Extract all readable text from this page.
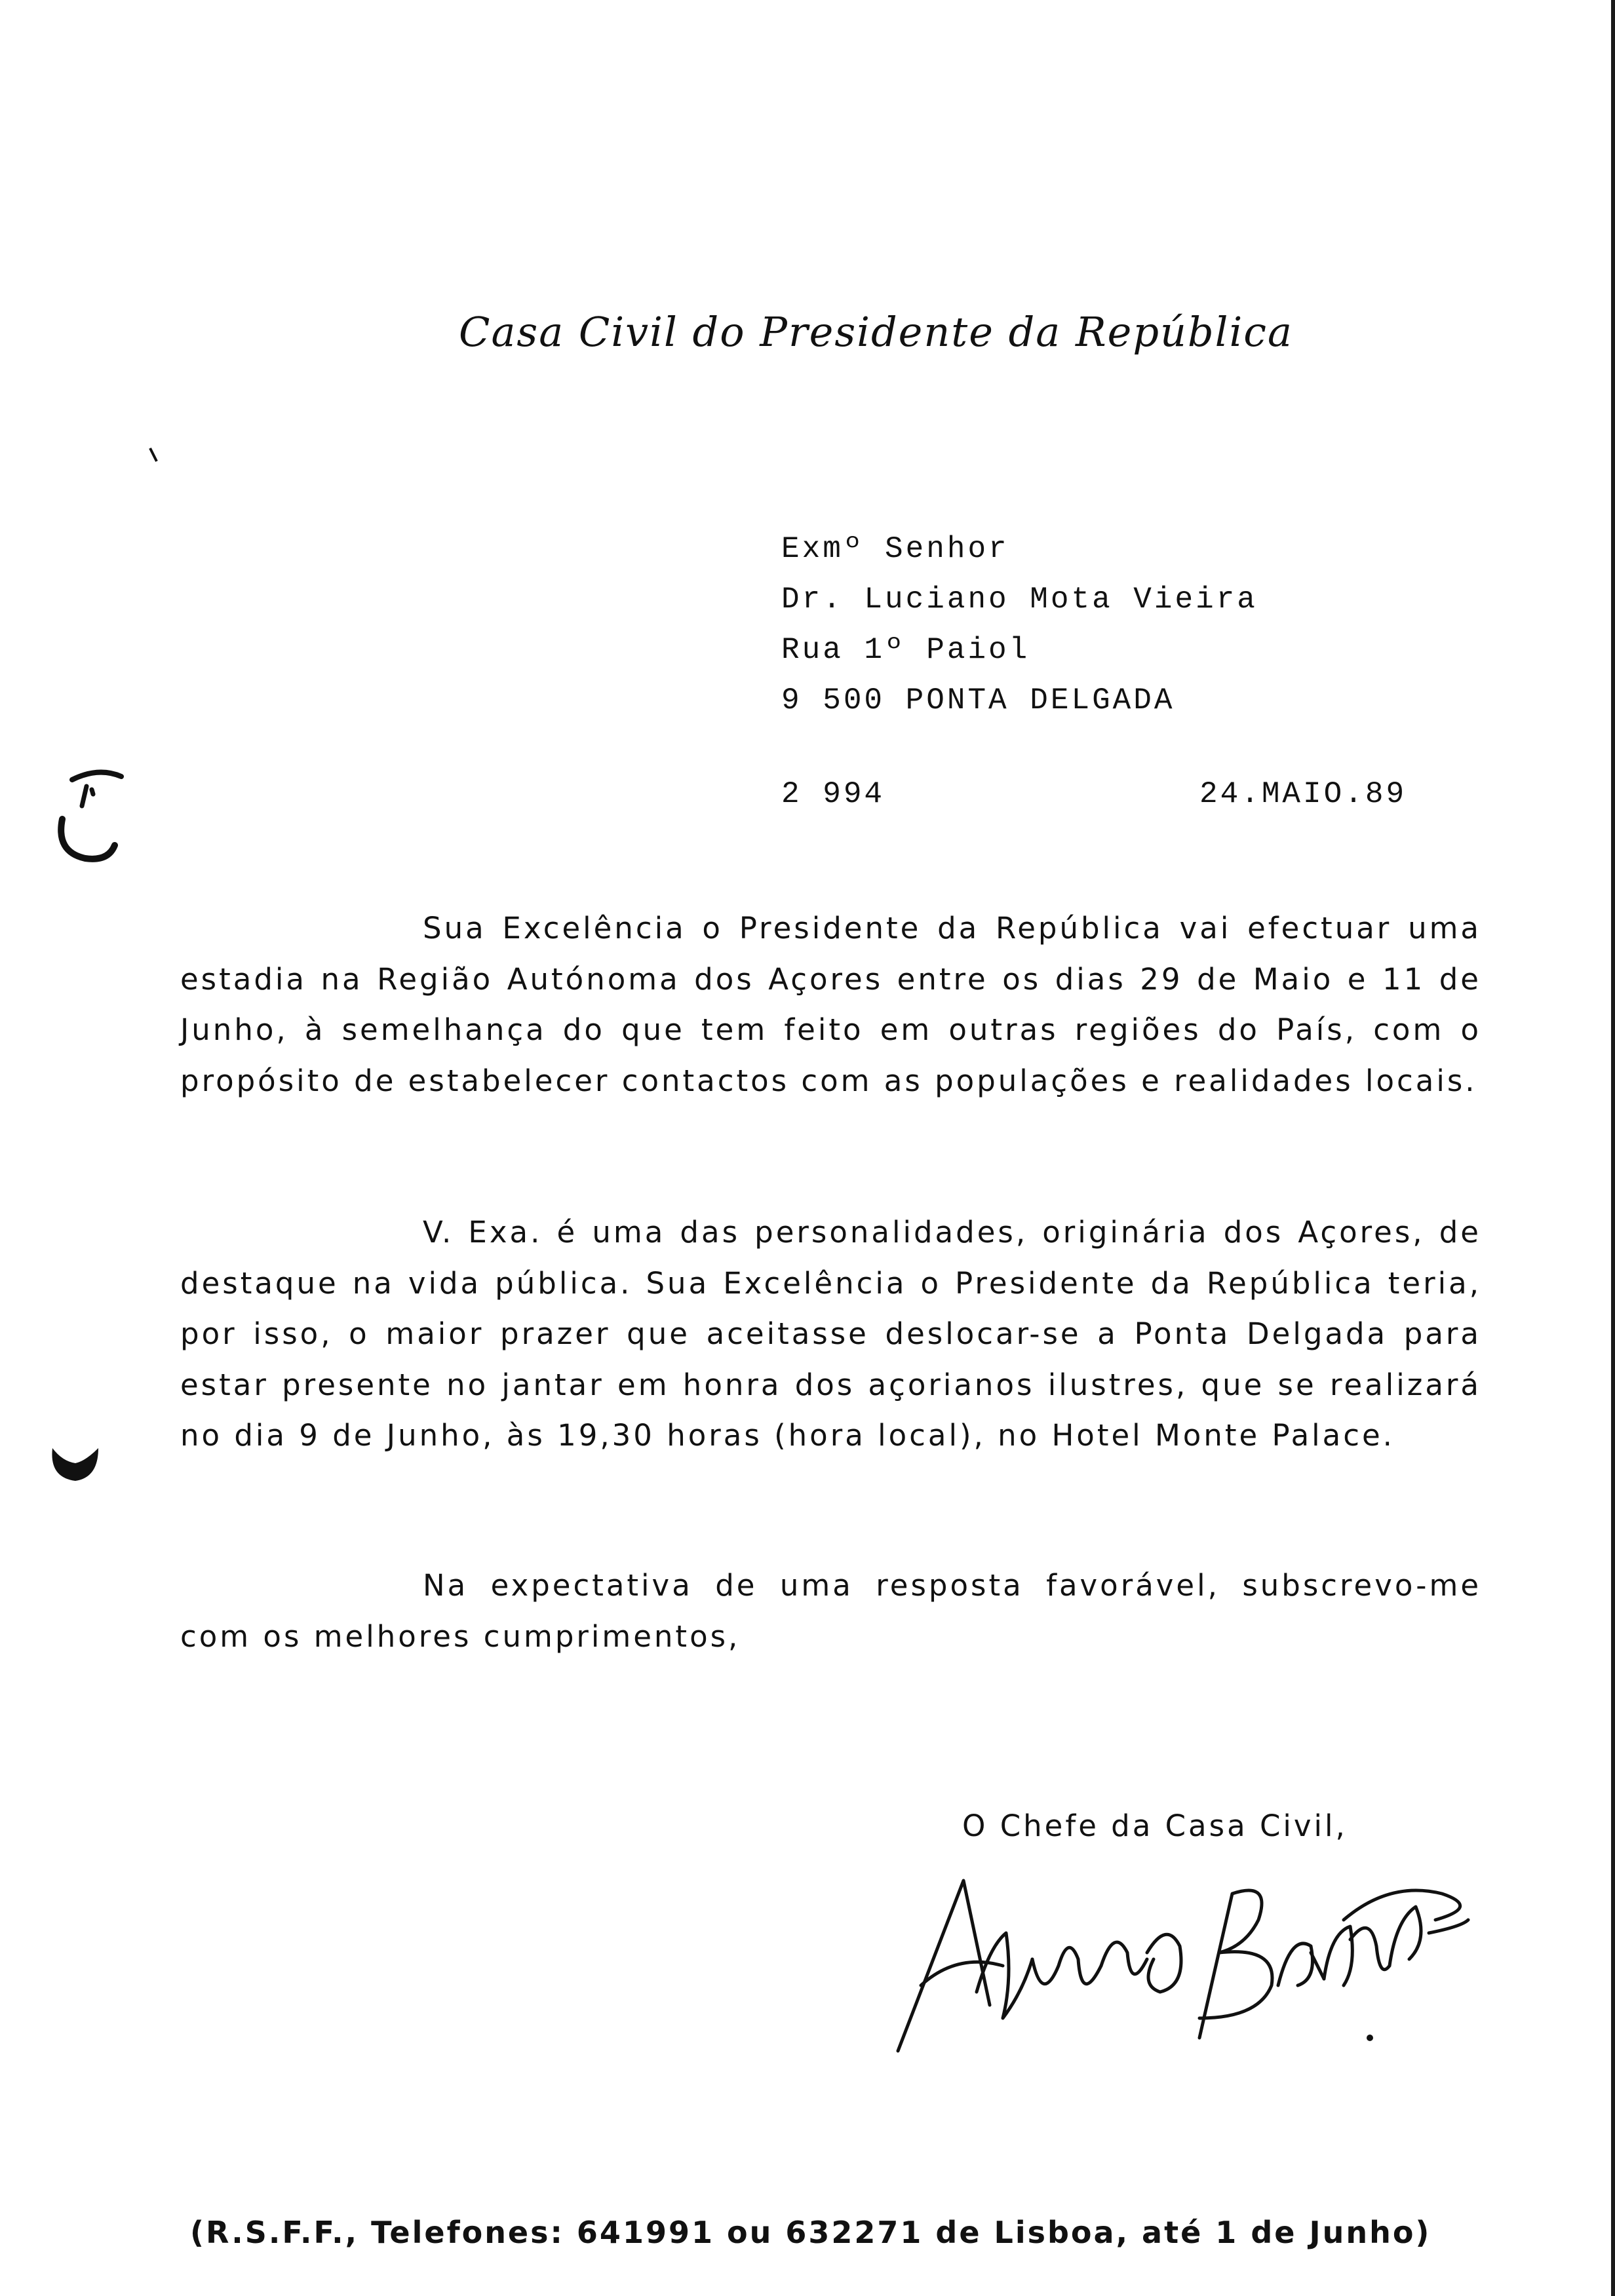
Casa Civil do Presidente da República
Exmº Senhor
Dr. Luciano Mota Vieira
Rua 1º Paiol
9 500 PONTA DELGADA
2 994	24.MAIO.89

Sua Excelência o Presidente da República vai efectuar uma estadia na Região Autónoma dos Açores entre os dias 29 de Maio e 11 de Junho, à semelhança do que tem feito em outras regiões do País, com o propósito de estabelecer contactos com as populações e realidades locais.

V. Exa. é uma das personalidades, originária dos Açores, de destaque na vida pública. Sua Excelência o Presidente da República teria, por isso, o maior prazer que aceitasse deslocar-se a Ponta Delgada para estar presente no jantar em honra dos açorianos ilustres, que se realizará no dia 9 de Junho, às 19,30 horas (hora local), no Hotel Monte Palace.

Na expectativa de uma resposta favorável, subscrevo-me com os melhores cumprimentos,

O Chefe da Casa Civil,
(R.S.F.F., Telefones: 641991 ou 632271 de Lisboa, até 1 de Junho)
